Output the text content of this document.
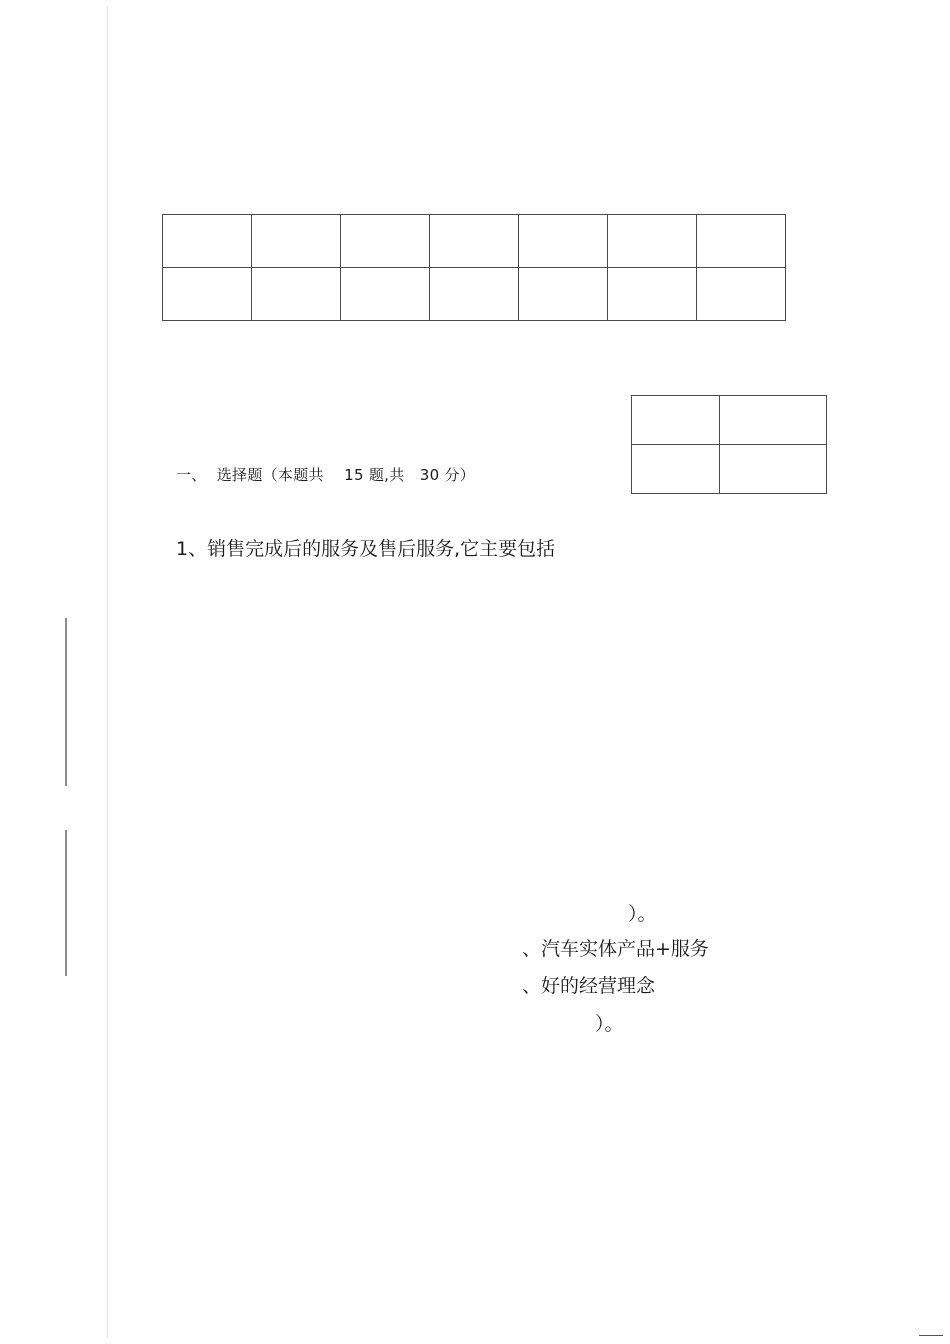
一、  选择题（本题共    15 题,共   30 分）

1、销售完成后的服务及售后服务,它主要包括

）。

、汽车实体产品+服务

、好的经营理念

）。
